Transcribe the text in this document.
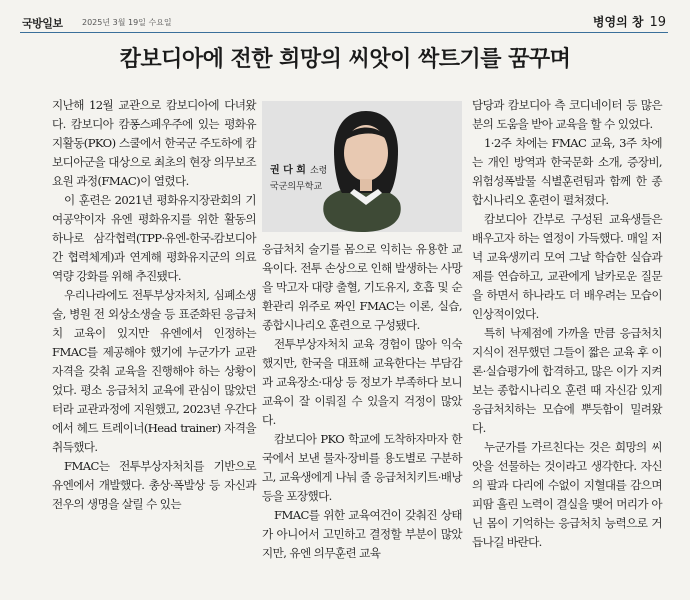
국방일보 2025년 3월 19일 수요일	병영의 창 19
캄보디아에 전한 희망의 씨앗이 싹트기를 꿈꾸며

지난해 12월 교관으로 캄보디아에 다녀왔다. 캄보디아 캄퐁스페우주에 있는 평화유지활동(PKO) 스쿨에서 한국군 주도하에 캄보디아군을 대상으로 최초의 현장 의무보조요원 과정(FMAC)이 열렸다.

이 훈련은 2021년 평화유지장관회의 기여공약이자 유엔 평화유지를 위한 활동의 하나로 삼각협력(TPP·유엔-한국-캄보디아 간 협력체계)과 연계해 평화유지군의 의료역량 강화를 위해 추진됐다.

우리나라에도 전투부상자처치, 심폐소생술, 병원 전 외상소생술 등 표준화된 응급처치 교육이 있지만 유엔에서 인정하는 FMAC를 제공해야 했기에 누군가가 교관 자격을 갖춰 교육을 진행해야 하는 상황이었다. 평소 응급처치 교육에 관심이 많았던 터라 교관과정에 지원했고, 2023년 우간다에서 헤드 트레이너(Head trainer) 자격을 취득했다.

FMAC는 전투부상자처치를 기반으로 유엔에서 개발했다. 총상·폭발상 등 자신과 전우의 생명을 살릴 수 있는

권 다 희 소령
국군의무학교

응급처치 술기를 몸으로 익히는 유용한 교육이다. 전투 손상으로 인해 발생하는 사망을 막고자 대량 출혈, 기도유지, 호흡 및 순환관리 위주로 짜인 FMAC는 이론, 실습, 종합시나리오 훈련으로 구성됐다.

전투부상자처치 교육 경험이 많아 익숙했지만, 한국을 대표해 교육한다는 부담감과 교육장소·대상 등 정보가 부족하다 보니 교육이 잘 이뤄질 수 있을지 걱정이 많았다.

캄보디아 PKO 학교에 도착하자마자 한국에서 보낸 물자·장비를 용도별로 구분하고, 교육생에게 나눠 줄 응급처치키트·배낭 등을 포장했다.

FMAC를 위한 교육여건이 갖춰진 상태가 아니어서 고민하고 결정할 부분이 많았지만, 유엔 의무훈련 교육

담당과 캄보디아 측 코디네이터 등 많은 분의 도움을 받아 교육을 할 수 있었다.

1·2주 차에는 FMAC 교육, 3주 차에는 개인 방역과 한국문화 소개, 증장비, 위험성폭발물 식별훈련팀과 함께 한 종합시나리오 훈련이 펼쳐졌다.

캄보디아 간부로 구성된 교육생들은 배우고자 하는 열정이 가득했다. 매일 저녁 교육생끼리 모여 그날 학습한 실습과제를 연습하고, 교관에게 날카로운 질문을 하면서 하나라도 더 배우려는 모습이 인상적이었다.

특히 낙제점에 가까울 만큼 응급처치 지식이 전무했던 그들이 짧은 교육 후 이론·실습평가에 합격하고, 많은 이가 지켜보는 종합시나리오 훈련 때 자신감 있게 응급처치하는 모습에 뿌듯함이 밀려왔다.

누군가를 가르친다는 것은 희망의 씨앗을 선물하는 것이라고 생각한다. 자신의 팔과 다리에 수없이 지혈대를 감으며 피땀 흘린 노력이 결실을 맺어 머리가 아닌 몸이 기억하는 응급처치 능력으로 거듭나길 바란다.
